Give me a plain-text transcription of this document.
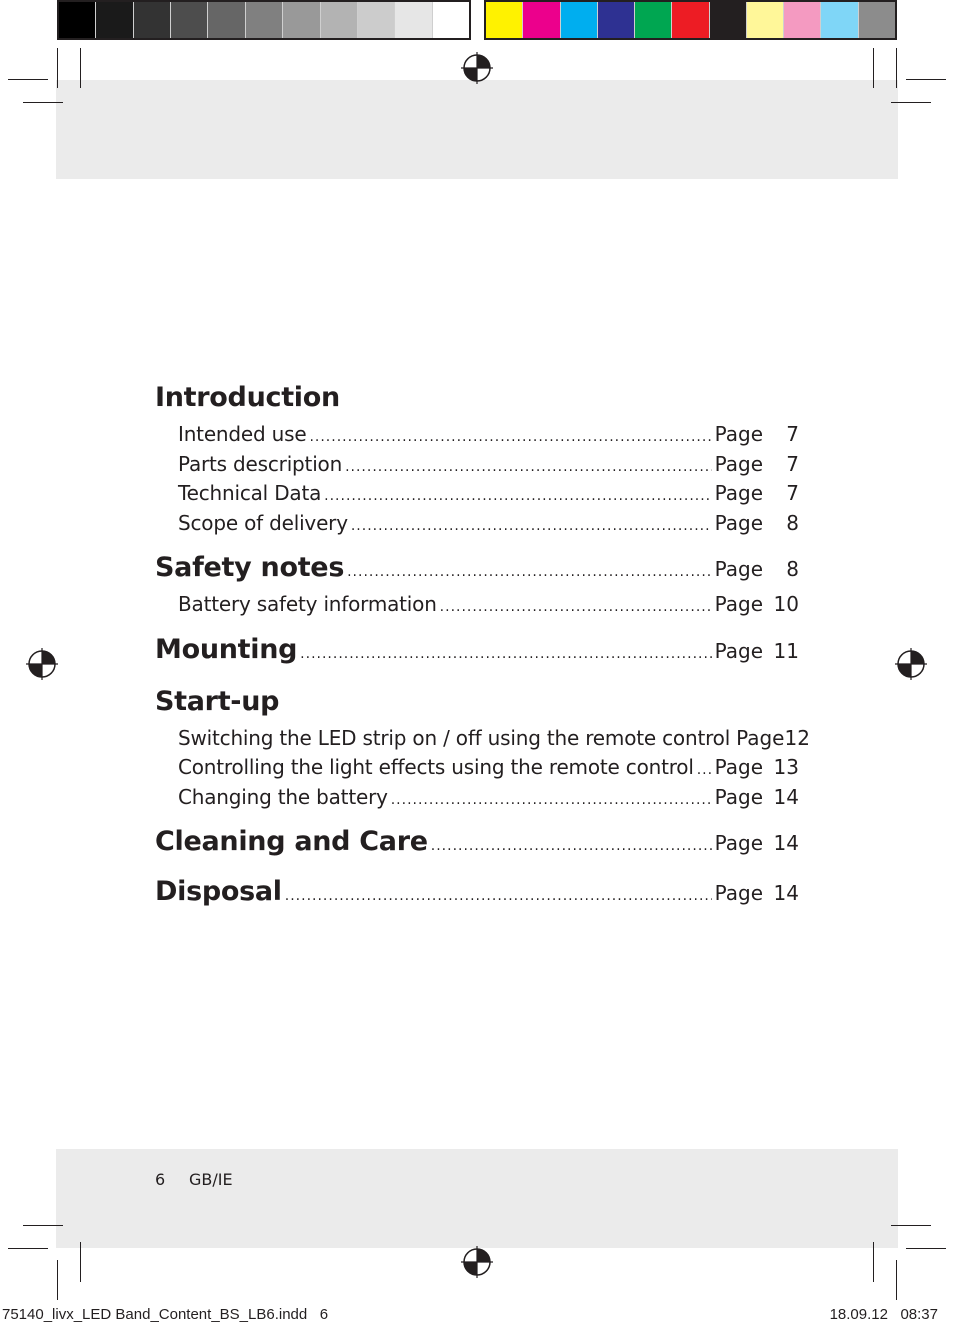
Introduction
Intended use .....	Page	7
Parts description .....	Page	7
Technical Data .....	Page	7
Scope of delivery .....	Page	8
Safety notes .....	Page	8
Battery safety information .....	Page 10
Mounting .....	Page 11
Start-up
Switching the LED strip on / off using the remote control Page 12
Controlling the light effects using the remote control ..... Page 13
Changing the battery .....	Page 14
Cleaning and Care .....	Page 14
Disposal .....	Page 14
6 GB/IE
75140_livx_LED Band_Content_BS_LB6.indd   6	18.09.12   08:37
